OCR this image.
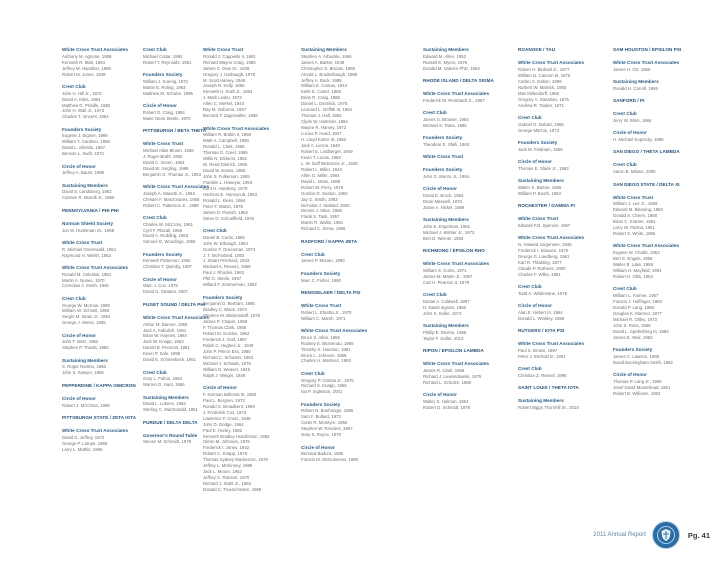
White Cross Trust Associates
Anthony M. Agnone, 1958
Kenneth R. Blair, 1954
Jeffrey M. Hamilton, 1986
Robert M. Jones, 1949
Crest Club
John H. Hill Jr., 1972
David A. Kiles, 1964
Matthew D. Priddle, 1982
John H. Walt Jr., 1973
Charles T. Vincent, 1964
Founders Society
Eugene J. Eiginer, 1999
William T. Gardiner, 1956
David L. Shields, 1967
Benson L. Swift, 1973
Circle of Honor
Jeffrey A. Baum, 1985
Sustaining Members
David S. Landsberg, 1982
Carmen R. Morelli Jr., 1990
PENNSYLVANIA / PHI PHI
Norman Shield Society
Jon M. Huntsman Sr., 1959
White Cross Trust
R. Michael Greenwald, 1951
Raymond H. Welsh, 1953
White Cross Trust Associates
Ronald M. Celeskie, 1981
Martin A. Nunes, 1970
Cornelius J. Smith, 1946
Crest Club
George W. Morrow, 1969
William W. Schnell, 1960
Sergio M. Sloan Jr., 1954
George J. Weiss, 1965
Circle of Honor
John F. Metz, 1952
Stephen P. Thodis, 1982
Sustaining Members
S. Roger Rambo, 1966
John S. Sawyer, 1965
PEPPERDINE / KAPPA OMICRON
Circle of Honor
Robert J. McChrsa, 1995
PITTSBURGH STATE / ZETA IOTA
White Cross Trust Associates
David G. Jeffrey, 1972
George P. Lampe, 1965
Larry L. Mathis, 1965
Crest Club
Michael Cottar, 1984
Robert T. Reynolds, 1981
Founders Society
William J. Koenig, 1972
Martin E. Roling, 1963
Matthew M. Schube, 1996
Circle of Honor
Robert D. Craig, 1984
Marie Dean Steele, 1970
PITTSBURGH / BETA THETA
White Cross Trust
Michael Allan Bloom, 1968
J. Roger Brahl, 1960
David C. Green, 1954
David W. Jurgling, 1986
Benjamin G. Thomas Jr., 1953
White Cross Trust Associates
Joseph A. Manetti Jr., 1953
Christer F. Manzonares, 1958
Robert C. Patterson Jr., 1988
Crest Club
Charles W. McCrory, 1961
Cyril F. Plazak, 1956
David A. Redding, 1963
Samuel G. Woodings, 1956
Founders Society
Kenneth Patterson, 1960
Christian T. Quimby, 1997
Circle of Honor
Marc J. Cox, 1976
David G. Stratton, 2007
PUGET SOUND / DELTA PHI
White Cross Trust Associates
Arthur M. Barnes, 1965
Jack A. Fabulich, 1951
Brian W. Haynes, 1984
Jack W. Knapp, 1953
Harold B. Prescott, 1951
Kevin P. Sale, 1996
David E. Schneebeck, 1961
Crest Club
Gary L. Fulton, 1964
Warren D. Hunt, 1956
Sustaining Members
David L. Lukens, 1962
Sterling C. MacDonald, 1951
PURDUE / DELTA DELTA
Governor's Round Table
Steven M. Schmidt, 1978
White Cross Trust
Ronald J. Cappiello II, 1991
Richard Wayne Craig, 1986
James C. Dew Sr., 1938
Gregory J. Harbaugh, 1978
M. Scott Harvey, 1949
Joseph R. Kelly, 1966
Kenneth H. Kraft Jr., 1954
J. Mark Lesko, 1973
Allen C. Merkel, 1944
Ray M. Osborne, 1967
Bernard F. Zagenwiller, 1958
White Cross Trust Associates
William R. Botkin II, 1956
Mark A. Campbell, 1980
Ronald L. Clark, 1966
Thomas G. Creel, 1955
Willis N. Dickens, 1952
W. Reed Dietrich, 1965
David W. Evans, 1966
John S. Fulkerson, 1955
Franklin L. Haneyar, 1953
Kent H. Hardesty, 1979
Harrison E. Honeycutt, 1963
Ronald L. Kiens, 1964
Peter F. Martin, 1978
James D. Parrish, 1962
Steve G. Schoeffield, 1976
Crest Club
Daniel B. Curtis, 1955
John W. Erbaugh, 1954
Gordon F. Greenman, 1973
J. T. McFarland, 1953
J. Stuart Pritchard, 1943
Michael A. Reeves, 1969
Paul J. Rhodes, 1962
Phil G. Steele, 1957
Willard F. Zimmerman, 1952
Founders Society
Benjamin D. Bertram, 1995
Bradley C. Black, 1973
Stephen M. Blickenstaff, 1976
James P. Chapin, 1958
F. Thomas Clark, 1955
Robert M. Gordon, 1962
Frederick J. Graf, 1987
Ralph C. Hughes Jr., 1949
John P. Pierce Ess, 1980
Richard C. Schuster, 1953
Michael J. Schwab, 1978
William N. Weaver, 1945
Ralph J. Weiger, 1949
Circle of Honor
F. Norman Balloma III, 1983
Paul L. Bergren, 1973
Ronald S. Broadbent, 1960
J. Frederick Cox, 1973
Lawrence F. Cross, 1948
John D. Dodge, 1964
Paul E. Horley, 1982
Kenneth Bradley Hutchinson, 1982
Glenn M. Johnson, 1976
Frederick I. Jones, 1942
Robert C. Knapp, 1978
Thomas Sydney Mackenzie, 1979
Jeffrey L. McKinney, 1986
Jack L. Moore, 1952
Jeffrey C. Ranson, 1970
Richard J. Stahl Jr., 1963
Donald C. Trueschmann, 1958
Sustaining Members
Stephen A. Arbuckle, 1966
James A. Barker, 1949
Christopher S. Bruzas, 1986
Arnold L. Brudenbaugh, 1988
Jeffrey A. Buck, 1988
William E. Caman, 1943
Keith E. Carter, 1988
Brian R. Craig, 1988
Daniel L. Dezelick, 1975
Leonard L. Griffith III, 1964
Thomas J. Hall, 1952
Clyde W. Hartman, 1964
Wayne R. Harvey, 1972
Lucius P. Hund, 1947
H. Lloyd Kotter III, 1962
Jack A. Lierna, 1948
Robert E. Lindberger, 1949
Kevin T. Lucas, 1963
L. W. Duff McKenzie Jr., 1939
Robert L. Miller, 1943
Allen G. Miller, 1984
David L. Moss, 1989
Robert W. Perry, 1978
Gordon D. Seaton, 1960
Jay G. Smith, 1983
Nicholas J. Stallard, 2000
Dennis J. Stine, 1965
Frank S. Tash, 1957
Martin R. Wallin, 1961
Richard C. Zema, 1966
RADFORD / KAPPA ZETA
Crest Club
James P. Monan, 1990
Founders Society
Marc C. Fisher, 1990
RENSSELAER / DELTA PSI
White Cross Trust
Robert L. Ehretta Jr., 1970
William C. Marsh, 1971
White Cross Trust Associates
Bruce S. Allen, 1965
Rodney E. Blumenau, 1965
Timothy S. Houston, 1981
Bruce L. Johnson, 1968
Charles H. Martinez, 1953
Crest Club
Gregory P. Christa Jr., 1975
Richard S. Knapp, 1955
Ian P. Ingleston, 2001
Founders Society
Robert N. Boehringer, 1955
Sam F. Bullard, 1973
Curtis R. McIntyre, 1956
Stephen W. Renders, 1967
Gary S. Royce, 1978
Circle of Honor
Bernard Badura, 1985
Francis M. McGuinness, 1990
Sustaining Members
Edward M. Allen, 1952
Russell E. Myers, 1976
Donald M. Valeriro PhD, 1963
RHODE ISLAND / DELTA SIGMA
White Cross Trust Associates
Frederick W. Reinhardt Jr., 1957
Crest Club
James S. Browne, 1964
Michael S. Tama, 1995
Founders Society
Theodore E. Sfelli, 1963
White Cross Trust
Founders Society
John G. Munro Jr., 1954
Circle of Honor
David E. Brock, 1962
Dean Maxwell, 1973
Jamie A. Nickel, 1989
Sustaining Members
John E. Engelman, 1961
Michael J. Mahler Jr., 1973
Bret D. Werner, 1993
RICHMOND / EPSILON RHO
White Cross Trust Associates
William S. Curtis, 1971
James M. Martin Jr., 1967
Carl H. Pearson II, 1979
Crest Club
Daniel A. Caldwell, 1987
H. David Ingram, 1966
John S. Keller, 1972
Sustaining Members
Phillip E. Devine, 1966
Taylor F. Goller, 2013
RIPON / EPSILON LAMBDA
White Cross Trust Associates
James R. Clark, 1968
Richard J. Lewandowski, 1975
Richard L. Schulze, 1958
Circle of Honor
Walter S. Hulman, 1964
Robert D. Schmidt, 1979
ROANOKE / TAU
White Cross Trust Associates
Robert H. Birdsall Jr., 1977
William N. Cannon III, 1975
Carlen S. Dalton, 1999
Norbert W. Malnick, 1955
Max Millendorff, 1966
Gregory A. Sanahan, 1976
Andrew R. Tauber, 1971
Crest Club
Gabriel G. Dubart, 1965
George Mitchie, 1973
Founders Society
Jack M. Feldman, 1956
Circle of Honor
Thomas E. Slade Jr., 1983
Sustaining Members
Walter S. Barton, 1955
William P. Booth, 1964
ROCHESTER / GAMMA PI
White Cross Trust
Edward F.D. Spencer, 1967
White Cross Trust Associates
N. Howard Jorgensen, 1946
Frederick I. Klausen, 1975
George G. Luedberg, 1961
Karl R. Thlalding, 1977
Claude P. Rothens, 1980
Charles F. Wilks, 1951
Crest Club
Todd A. Whitestone, 1976
Circle of Honor
Alan E. Hebert III, 1964
Donald L. Winkley, 1959
RUTGERS / IOTA PSI
White Cross Trust Associates
Paul S. Brown, 1997
Peter J. Ehrhold III, 1991
Crest Club
Christian Z. Reimel, 1995
SAINT LOUIS / THETA IOTA
Sustaining Members
Robert Biggs Thornhill Sr., 2010
SAM HOUSTON / EPSILON PSI
White Cross Trust Associates
James H. Orr, 1960
Sustaining Members
Ronald H. Carroll, 1965
SANFORD / PI
Crest Club
Jerry W. Blinn, 1966
Circle of Honor
H. Michael Kopnicky, 1996
SAN DIEGO / THETA LAMBDA
Crest Club
Aaron B. Milano, 2000
SAN DIEGO STATE / DELTA XI
White Cross Trust
William J. Lee Jr., 1959
Edward M. Blessing, 1963
Gerald S. Cheen, 1958
Brian C. Kramer, 1961
Larry W. Partna, 1951
Robert S. White, 1955
White Cross Trust Associates
Eugene M. Chubb, 1953
Bert E. Engels, 1956
Walter B. Lake, 1959
William H. Mayfield, 1954
Robert H. Ollis, 1964
Crest Club
William L. Farmer, 1957
Francis J. Hoffinger, 1984
Donald P. Lang, 1966
Douglas K. Marmer, 1977
Michael R. Oliley, 1973
John S. Ross, 1968
David L. Spellerberg III, 1994
James E. Weir, 1963
Founders Society
James C. Lawson, 1985
David Buckingham Smith, 1962
Circle of Honor
Thomas P. Lang Jr., 1995
Josef David Moorehead, 1961
Robert B. Williams, 1983
2011 Annual Report	Pg. 41
